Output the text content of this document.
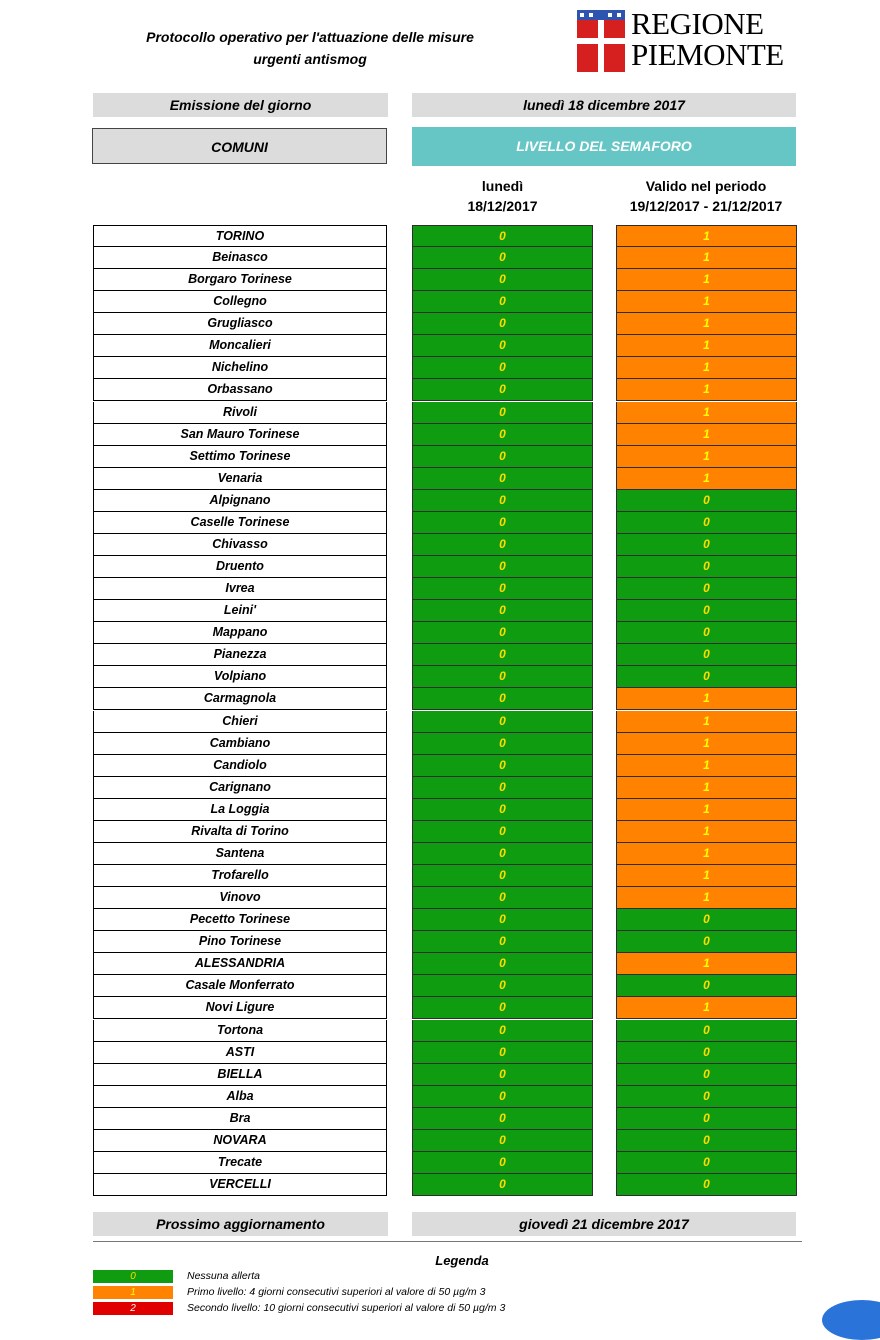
Protocollo operativo per l'attuazione delle misure
urgenti antismog
REGIONE
PIEMONTE
Emissione del giorno	lunedì 18 dicembre 2017
COMUNI	LIVELLO DEL SEMAFORO
lunedì
18/12/2017
Valido nel periodo
19/12/2017 - 21/12/2017
TORINO	0	1
Beinasco	0	1
Borgaro Torinese	0	1
Collegno	0	1
Grugliasco	0	1
Moncalieri	0	1
Nichelino	0	1
Orbassano	0	1
Rivoli	0	1
San Mauro Torinese	0	1
Settimo Torinese	0	1
Venaria	0	1
Alpignano	0	0
Caselle Torinese	0	0
Chivasso	0	0
Druento	0	0
Ivrea	0	0
Leini'	0	0
Mappano	0	0
Pianezza	0	0
Volpiano	0	0
Carmagnola	0	1
Chieri	0	1
Cambiano	0	1
Candiolo	0	1
Carignano	0	1
La Loggia	0	1
Rivalta di Torino	0	1
Santena	0	1
Trofarello	0	1
Vinovo	0	1
Pecetto Torinese	0	0
Pino Torinese	0	0
ALESSANDRIA	0	1
Casale Monferrato	0	0
Novi Ligure	0	1
Tortona	0	0
ASTI	0	0
BIELLA	0	0
Alba	0	0
Bra	0	0
NOVARA	0	0
Trecate	0	0
VERCELLI	0	0
Prossimo aggiornamento	giovedì 21 dicembre 2017
Legenda
0	Nessuna allerta
1	Primo livello: 4 giorni consecutivi superiori al valore di 50 µg/m 3
2	Secondo livello: 10 giorni consecutivi superiori al valore di 50 µg/m 3
